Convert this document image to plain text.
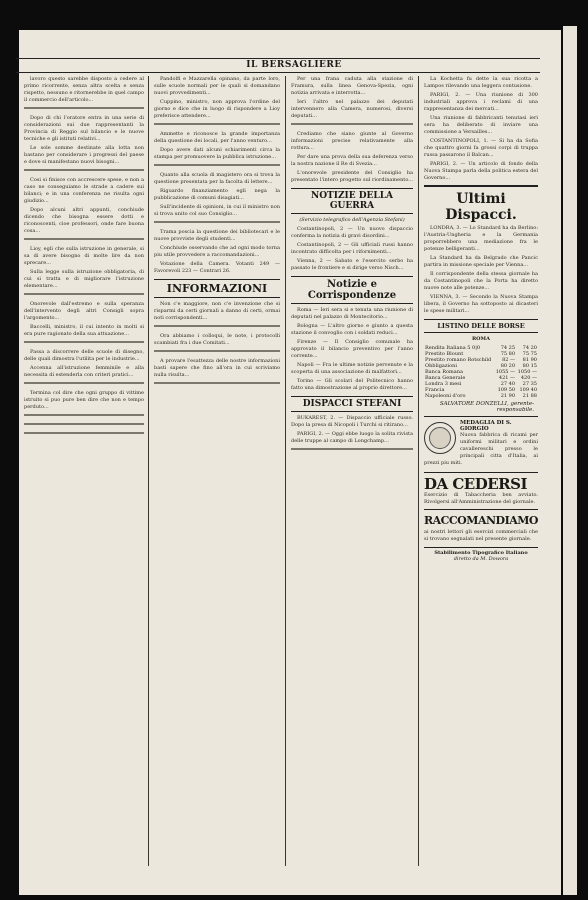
IL BERSAGLIERE

lavoro questo sarebbe disposto a cedere al primo ricorrente, senza altra scelta e senza rispetto, nessuno e ritornerebbe in quel campo il commercio dell'articolo...

Dopo di chi l'oratore entra in una serie di considerazioni sui due rappresentanti la Provincia di Reggio sul bilancio e le nuove tecniche e gli istituti relativi...

Le sole somme destinate alla lotta non bastano per considerare i progressi del paese e dove si manifestano nuovi bisogni...

Cosi si finisce con accrescere spese, e non a caso ne conseguiamo le strade a cadere sui bilanci; e in una conferenza ne risulta ogni giudizio...

Dopo alcuni altri appunti, conchiude dicendo che bisogna essere dotti e riconoscenti, cioe professori, onde fare buona cosa...

Lioy, egli che sulla istruzione in generale, si sa di avere bisogno di molte lire da non sprecare...

Sulla legge sulla istruzione obbligatoria, di cui si tratta e di migliorare l'istruzione elementare...

Onorevole dall'estremo e sulla speranza dell'intervento degli altri Consigli sopra l'argomento...

Baccelli, ministro, il cui intento in molti si era pure ragionato della sua attuazione...

Passa a discorrere delle scuole di disegno, delle quali dimostra l'utilita per le industrie...

Accenna all'istruzione femminile e alla necessita di estenderla con criteri pratici...

Termina col dire che ogni gruppo di vittime istruito si puo pure ben dire che non e tempo perduto...

Pandolfi e Mazzarella opinano, da parte loro, sulle scuole normali per le quali si domandano nuovi provvedimenti...

Cuppino, ministro, non approva l'ordine del giorno e dice che in luogo di rispondere a Lioy preferisce attendere...

Ammette e riconosce la grande importanza della questione dei locali, per l'anno venturo...

Dopo avere dati alcuni schiarimenti circa la stampa per promuovere la pubblica istruzione...

Quanto alla scuola di magistero ora si trova la questione presentata per la facolta di lettere...

Riguardo finanziamento egli nega la pubblicazione di comuni disagiati...

Sull'incidente di opinioni, in cui il ministro non si trova unito col suo Consiglio...

Trama poscia la questione dei bibliotecari e le nuove provviste degli studenti...

Conchiude osservando che ad ogni modo torna piu utile provvedere a raccomandazioni...

Votazione della Camera. Votanti 249 — Favorevoli 223 — Contrari 26.

INFORMAZIONI

Non c'e maggiore, non c'e invenzione che si risparmi da certi giornali a danno di certi, ormai noti corrispondenti...

Ora abbiamo i colloqui, le note, i protocolli scambiati fra i due Comitati...

A provare l'esattezza delle nostre informazioni basti sapere che fino all'ora in cui scriviamo nulla risulta...

Per una frana caduta alla stazione di Framura, sulla linea Genova-Spezia, ogni notizia arrivata e interrotta...

Ieri l'altro nel palazzo dei deputati intervennero alla Camera, numerosi, diversi deputati...

Crediamo che siano giunte al Governo informazioni precise relativamente alla rottura...

Per dare una prova della sua deferenza verso la nostra nazione il Re di Svezia...

L'onorevole presidente del Consiglio ha presentato l'intero progetto sul riordinamento...

NOTIZIE DELLA GUERRA
(Servizio telegrafico dell'Agenzia Stefani)

Costantinopoli, 2 — Un nuovo dispaccio conferma la notizia di gravi disordini...

Costantinopoli, 2 — Gli ufficiali russi hanno incontrato difficolta per i rifornimenti...

Vienna, 2 — Sabato e l'esercito serbo ha passato le frontiere e si dirige verso Nisch...

Notizie e Corrispondenze

Roma — Ieri sera si e tenuta una riunione di deputati nel palazzo di Montecitorio...

Bologna — L'altro giorno e giunto a questa stazione il convoglio con i soldati reduci...

Firenze — Il Consiglio comunale ha approvato il bilancio preventivo per l'anno corrente...

Napoli — Fra le ultime notizie pervenute e la scoperta di una associazione di malfattori...

Torino — Gli scolari del Politecnico hanno fatto una dimostrazione al proprio direttore...

DISPACCI STEFANI

BUKAREST, 2. — Dispaccio ufficiale russo. Dopo la presa di Nicopoli i Turchi si ritirano...

PARIGI, 2. — Oggi ebbe luogo la solita rivista delle truppe al campo di Longchamp...

La Kochetta fu dette la sua ricotta a Lampos rilevando una leggera contusione.

PARIGI, 2. — Una riunione di 300 industriali approva i reclami di una rappresentanza dei mercati...

Una riunione di fabbricanti tenutasi ieri sera ha deliberato di inviare una commissione a Versailles...

COSTANTINOPOLI, 1. — Si ha da Sofia che quattro giorni fa grossi corpi di truppa russa passarono il Balcan...

PARIGI, 2. — Un articolo di fondo della Nuova Stampa parla della politica estera del Governo...

Ultimi Dispacci.

LONDRA, 3. — Lo Standard ha da Berlino: l'Austria-Ungheria e la Germania proporrebbero una mediazione fra le potenze belligeranti...

La Standard ha da Belgrado che Pancic partira in missione speciale per Vienna...

Il corrispondente della stessa giornale ha da Costantinopoli che la Porta ha diretto nuove note alle potenze...

VIENNA, 3. — Secondo la Nuova Stampa libera, il Governo ha sottoposto ai dicasteri le spese militari...

LISTINO DELLE BORSE
ROMA
Rendita Italiana 5 0|0	74 25	74 20
Prestito Blount	75 80	75 75
Prestito romano Rotschild	82 —	81 90
Obbligazioni	80 20	80 15
Banca Romana	1055 —	1050 —
Banca Generale	421 —	420 —
Londra 3 mesi	27 40	27 35
Francia	109 50	109 40
Napoleoni d'oro	21 90	21 88
SALVATORE DONZELLI, gerente-responsabile.
MEDAGLIA DI S. GIORGIO

Nuova fabbrica di ricami per uniformi militari e ordini cavallereschi presso le principali citta d'Italia, ai prezzi piu miti.

DA CEDERSI

Esercizio di Tabaccheria ben avviato. Rivolgersi all'Amministrazione del giornale.

RACCOMANDIAMO

ai nostri lettori gli esercizi commerciali che si trovano segnalati nel presente giornale.

Stabilimento Tipografico Italiano
diretto da M. Dowora
